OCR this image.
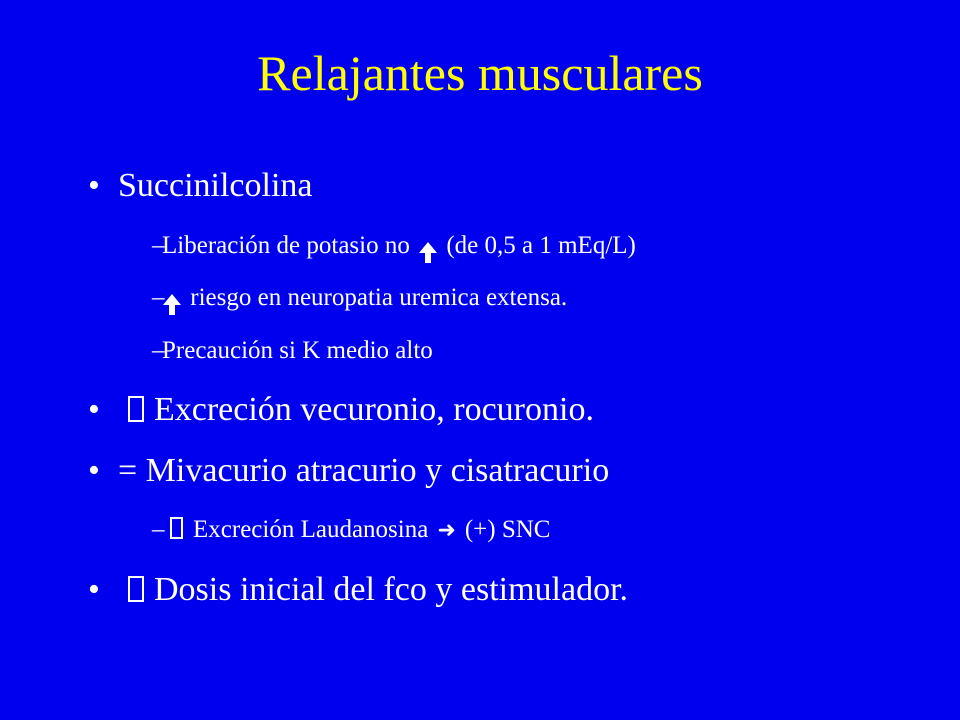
Relajantes musculares
• Succinilcolina
–
Liberación de potasio no (de 0,5 a 1 mEq/L)
–	riesgo en neuropatia uremica extensa.
–
Precaución si K medio alto
•	Excreción vecuronio, rocuronio.
• = Mivacurio atracurio y cisatracurio
–	Excreción Laudanosina ➜ (+) SNC
•	Dosis inicial del fco y estimulador.
